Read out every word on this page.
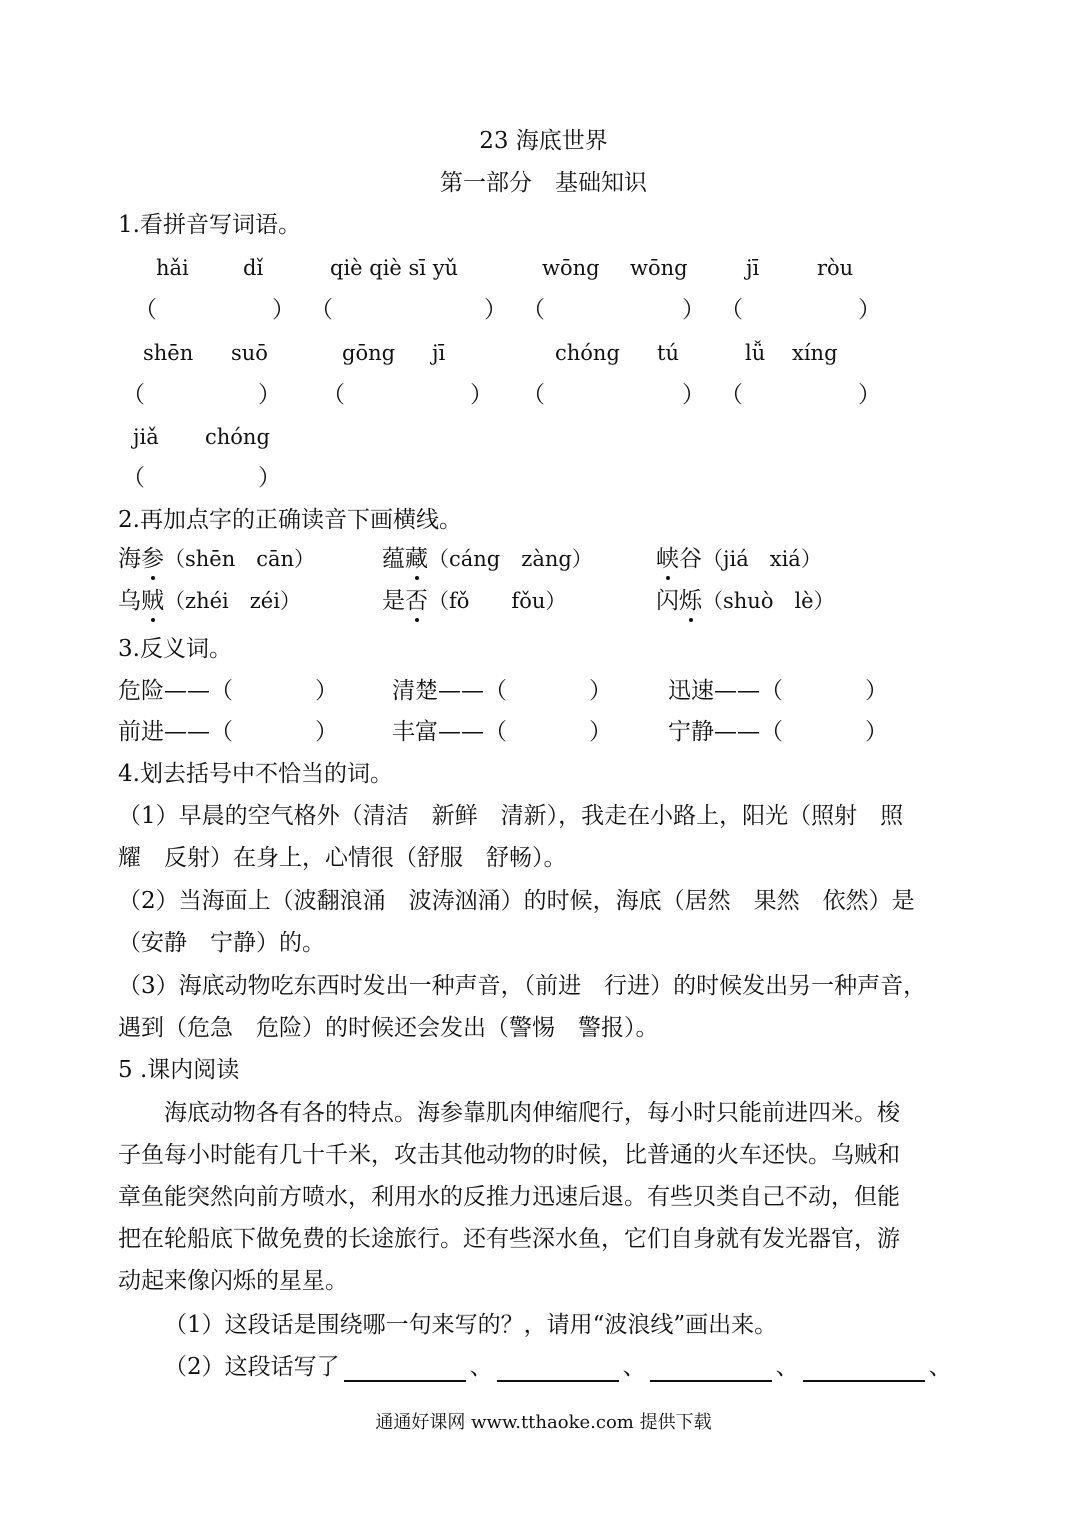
23 海底世界
第一部分　基础知识
1.看拼音写词语。
hǎi	dǐ	qiè qiè sī yǔ	wōng wōng	jī	ròu
（	） （	） （	） （	）
shēn suō	gōng jī	chóng tú	lǚ xíng
（	） （	） （	） （	）
jiǎ chóng
（	）
2.再加点字的正确读音下画横线。
海参（shēn　cān）	蕴藏（cáng　zàng）	峡谷（jiá　xiá）
乌贼（zhéi　zéi）	是否（fǒ　　fǒu）	闪烁（shuò　lè）
3.反义词。
危险——（	） 清楚——（	） 迅速——（	）
前进——（	） 丰富——（	） 宁静——（	）
4.划去括号中不恰当的词。
（1）早晨的空气格外（清洁　新鲜　清新），我走在小路上，阳光（照射　照
耀　反射）在身上，心情很（舒服　舒畅）。
（2）当海面上（波翻浪涌　波涛汹涌）的时候，海底（居然　果然　依然）是
（安静　宁静）的。
（3）海底动物吃东西时发出一种声音，（前进　行进）的时候发出另一种声音，
遇到（危急　危险）的时候还会发出（警惕　警报）。
5 .课内阅读
海底动物各有各的特点。海参靠肌肉伸缩爬行，每小时只能前进四米。梭
子鱼每小时能有几十千米，攻击其他动物的时候，比普通的火车还快。乌贼和
章鱼能突然向前方喷水，利用水的反推力迅速后退。有些贝类自己不动，但能
把在轮船底下做免费的长途旅行。还有些深水鱼，它们自身就有发光器官，游
动起来像闪烁的星星。
（1）这段话是围绕哪一句来写的？，请用“波浪线”画出来。
（2）这段话写了	、	、	、	、
通通好课网 www.tthaoke.com 提供下载
